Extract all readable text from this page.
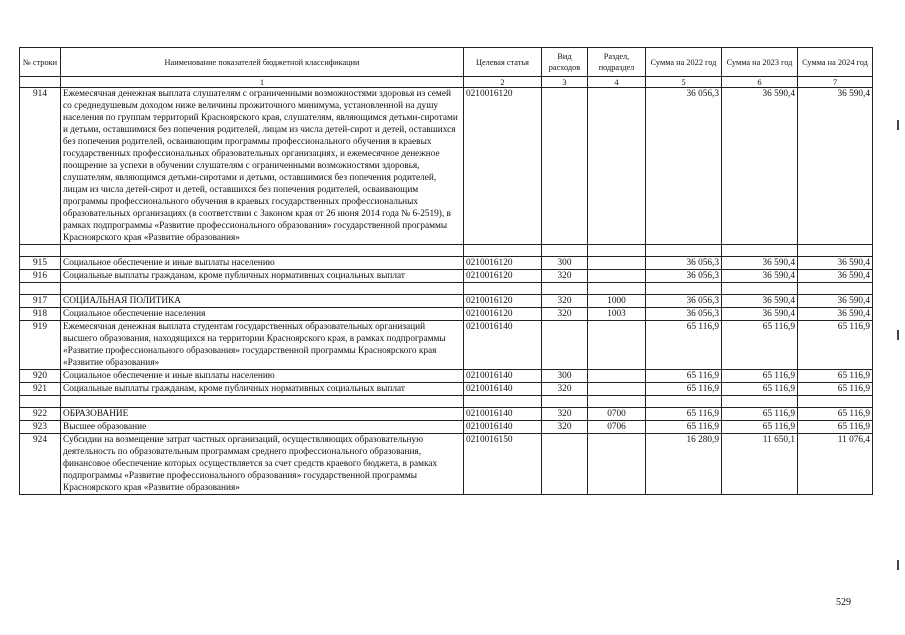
№ строки	Наименование показателей бюджетной классификации	Целевая статья	Вид расходов	Раздел, подраздел	Сумма на 2022 год	Сумма на 2023 год	Сумма на 2024 год
	1	2	3	4	5	6	7
914	Ежемесячная денежная выплата слушателям с ограниченными возможностями здоровья из семей со среднедушевым доходом ниже величины прожиточного минимума, установленной на душу населения по группам территорий Красноярского края, слушателям, являющимся детьми-сиротами и детьми, оставшимися без попечения родителей, лицам из числа детей-сирот и детей, оставшихся без попечения родителей, осваивающим программы профессионального обучения в краевых государственных профессиональных образовательных организациях, и ежемесячное денежное поощрение за успехи в обучении слушателям с ограниченными возможностями здоровья, слушателям, являющимся детьми-сиротами и детьми, оставшимися без попечения родителей, лицам из числа детей-сирот и детей, оставшихся без попечения родителей, осваивающим программы профессионального обучения в краевых государственных профессиональных образовательных организациях (в соответствии с Законом края от 26 июня 2014 года № 6-2519), в рамках подпрограммы «Развитие профессионального образования» государственной программы Красноярского края «Развитие образования»	0210016120			36 056,3	36 590,4	36 590,4

915	Социальное обеспечение и иные выплаты населению	0210016120	300		36 056,3	36 590,4	36 590,4
916	Социальные выплаты гражданам, кроме публичных нормативных социальных выплат	0210016120	320		36 056,3	36 590,4	36 590,4

917	СОЦИАЛЬНАЯ ПОЛИТИКА	0210016120	320	1000	36 056,3	36 590,4	36 590,4
918	Социальное обеспечение населения	0210016120	320	1003	36 056,3	36 590,4	36 590,4
919	Ежемесячная денежная выплата студентам государственных образовательных организаций высшего образования, находящихся на территории Красноярского края, в рамках подпрограммы «Развитие профессионального образования» государственной программы Красноярского края «Развитие образования»	0210016140			65 116,9	65 116,9	65 116,9
920	Социальное обеспечение и иные выплаты населению	0210016140	300		65 116,9	65 116,9	65 116,9
921	Социальные выплаты гражданам, кроме публичных нормативных социальных выплат	0210016140	320		65 116,9	65 116,9	65 116,9

922	ОБРАЗОВАНИЕ	0210016140	320	0700	65 116,9	65 116,9	65 116,9
923	Высшее образование	0210016140	320	0706	65 116,9	65 116,9	65 116,9
924	Субсидии на возмещение затрат частных организаций, осуществляющих образовательную деятельность по образовательным программам среднего профессионального образования, финансовое обеспечение которых осуществляется за счет средств краевого бюджета, в рамках подпрограммы «Развитие профессионального образования» государственной программы Красноярского края «Развитие образования»	0210016150			16 280,9	11 650,1	11 076,4
529
